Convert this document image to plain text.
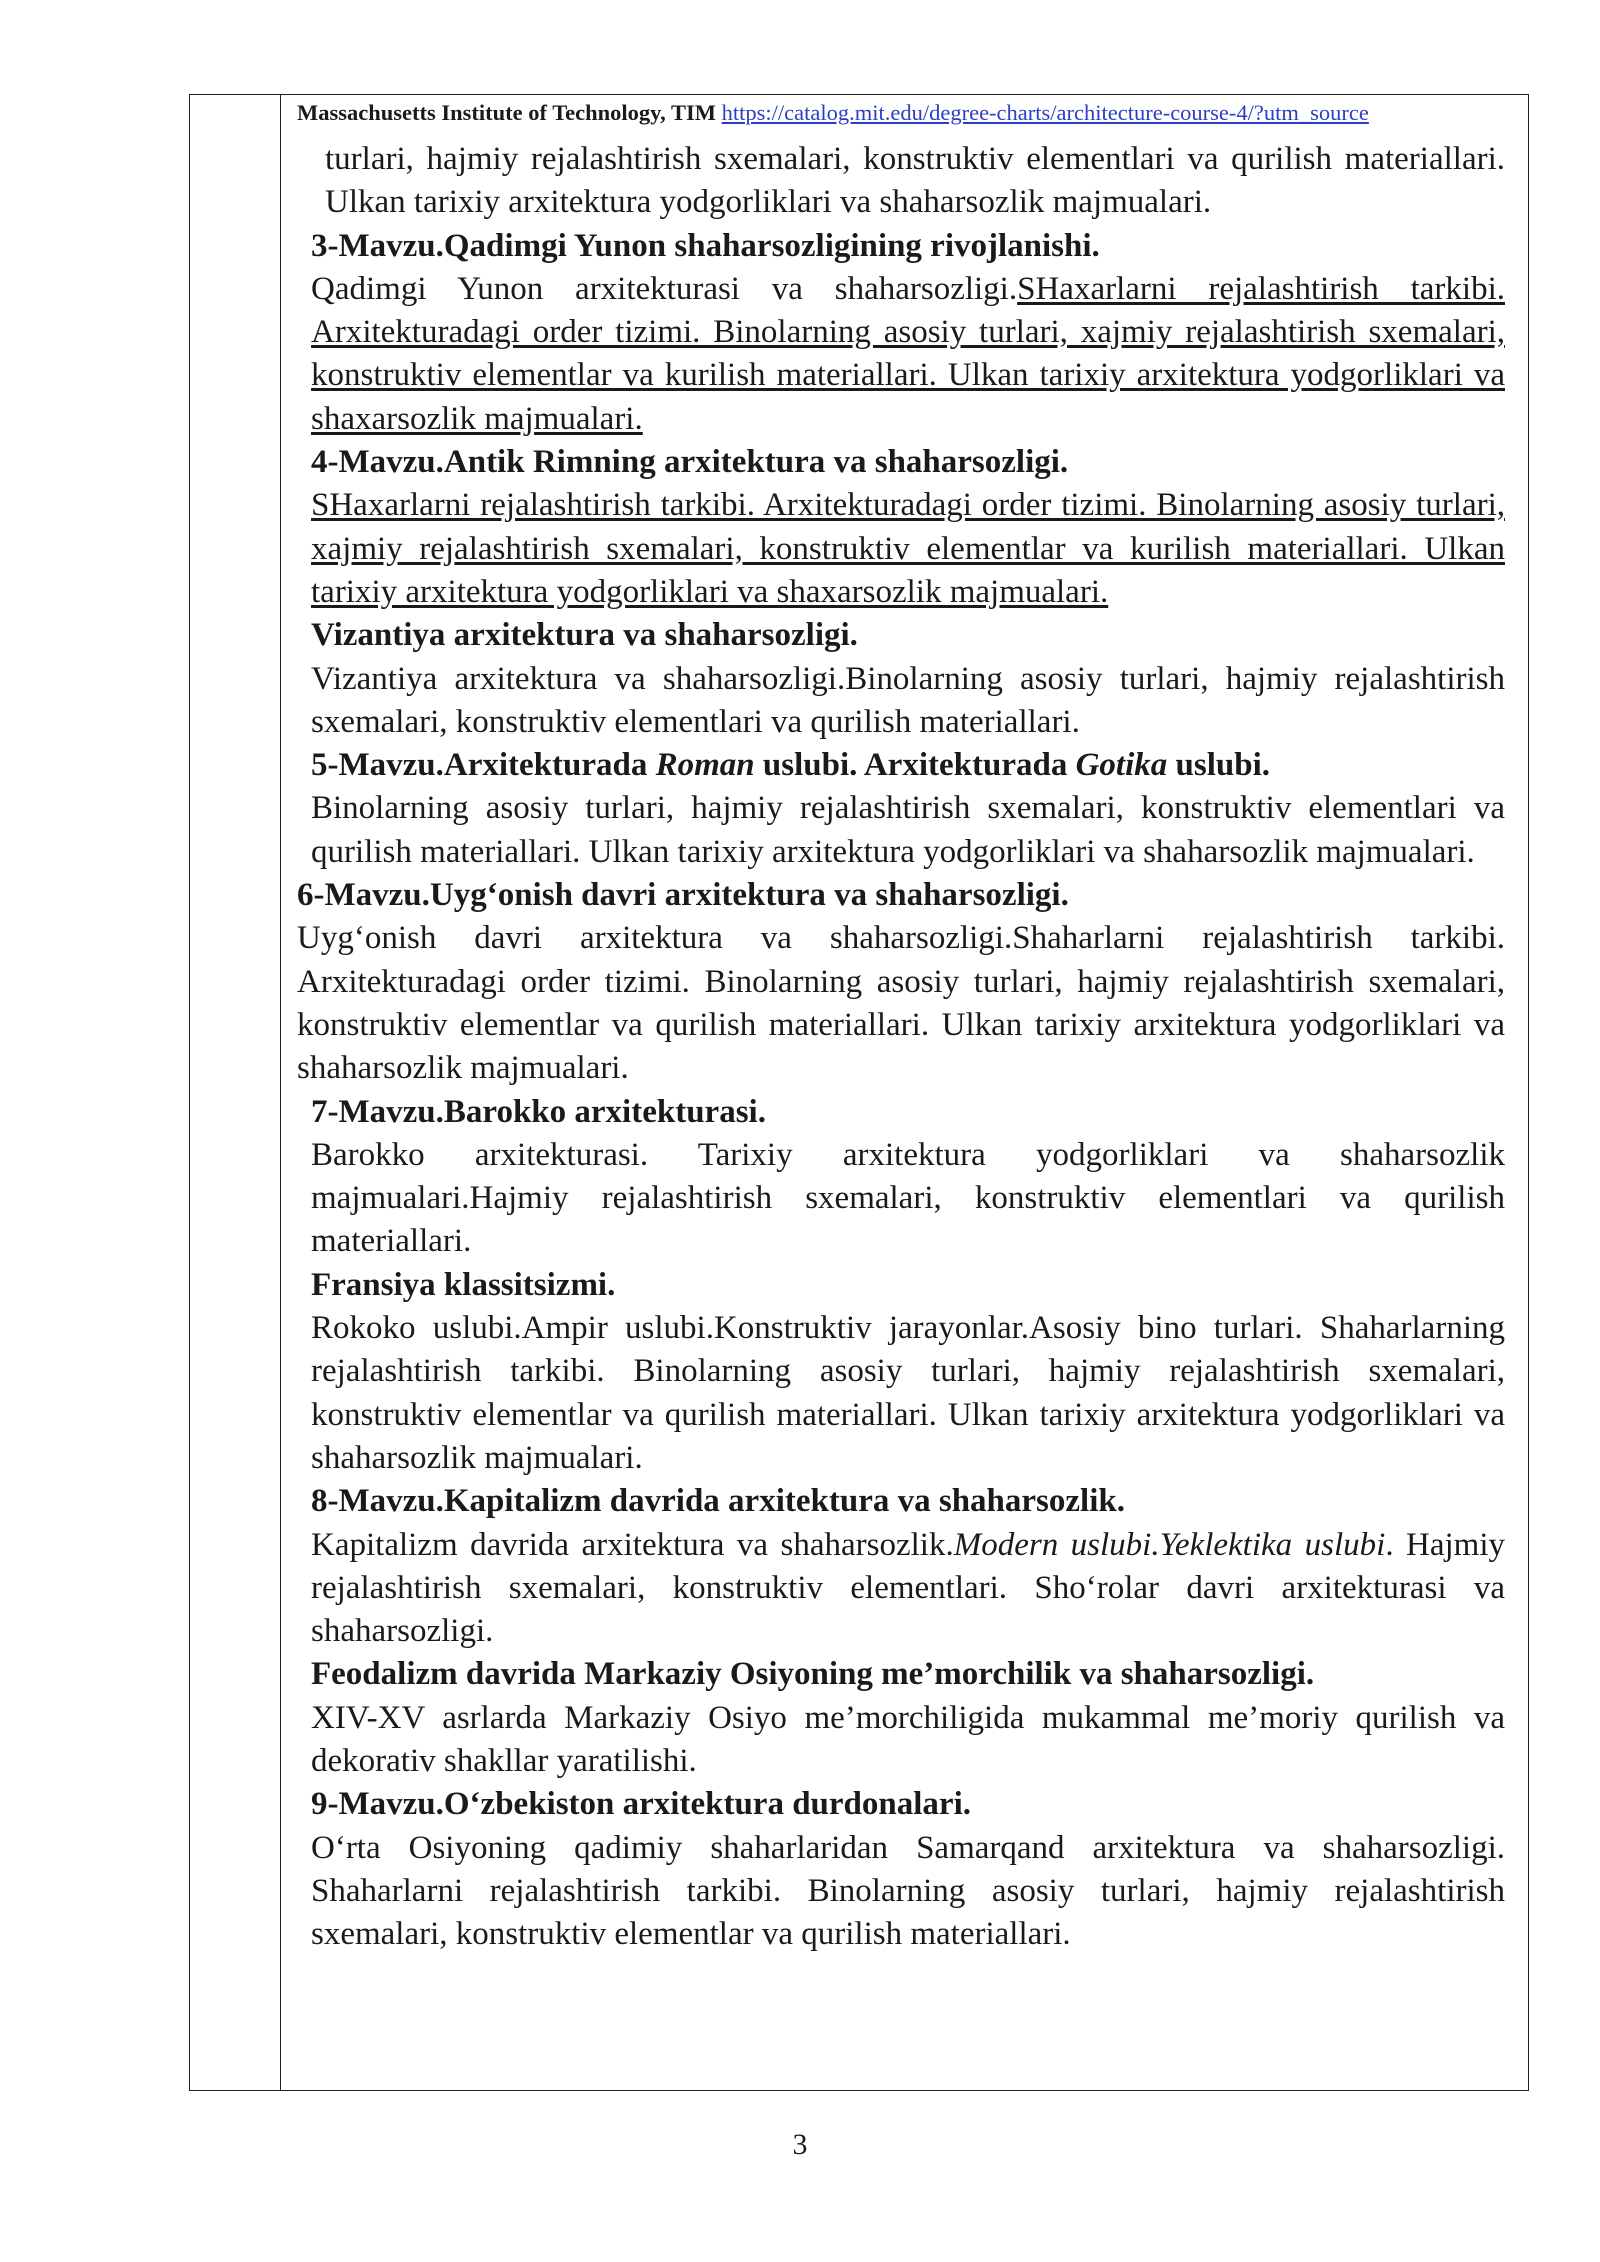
Massachusetts Institute of Technology, TIM https://catalog.mit.edu/degree-charts/architecture-course-4/?utm_source

turlari, hajmiy rejalashtirish sxemalari, konstruktiv elementlari va qurilish materiallari. Ulkan tarixiy arxitektura yodgorliklari va shaharsozlik majmualari.

3-Mavzu.Qadimgi Yunon shaharsozligining rivojlanishi.

Qadimgi Yunon arxitekturasi va shaharsozligi.SHaxarlarni rejalashtirish tarkibi. Arxitekturadagi order tizimi. Binolarning asosiy turlari, xajmiy rejalashtirish sxemalari, konstruktiv elementlar va kurilish materiallari. Ulkan tarixiy arxitektura yodgorliklari va shaxarsozlik majmualari.

4-Mavzu.Antik Rimning arxitektura va shaharsozligi.

SHaxarlarni rejalashtirish tarkibi. Arxitekturadagi order tizimi. Binolarning asosiy turlari, xajmiy rejalashtirish sxemalari, konstruktiv elementlar va kurilish materiallari. Ulkan tarixiy arxitektura yodgorliklari va shaxarsozlik majmualari.

Vizantiya arxitektura va shaharsozligi.

Vizantiya arxitektura va shaharsozligi.Binolarning asosiy turlari, hajmiy rejalashtirish sxemalari, konstruktiv elementlari va qurilish materiallari.

5-Mavzu.Arxitekturada Roman uslubi. Arxitekturada Gotika uslubi.

Binolarning asosiy turlari, hajmiy rejalashtirish sxemalari, konstruktiv elementlari va qurilish materiallari. Ulkan tarixiy arxitektura yodgorliklari va shaharsozlik majmualari.

6-Mavzu.Uyg‘onish davri arxitektura va shaharsozligi.

Uyg‘onish davri arxitektura va shaharsozligi.Shaharlarni rejalashtirish tarkibi. Arxitekturadagi order tizimi. Binolarning asosiy turlari, hajmiy rejalashtirish sxemalari, konstruktiv elementlar va qurilish materiallari. Ulkan tarixiy arxitektura yodgorliklari va shaharsozlik majmualari.

7-Mavzu.Barokko arxitekturasi.

Barokko arxitekturasi. Tarixiy arxitektura yodgorliklari va shaharsozlik majmualari.Hajmiy rejalashtirish sxemalari, konstruktiv elementlari va qurilish materiallari.

Fransiya klassitsizmi.

Rokoko uslubi.Ampir uslubi.Konstruktiv jarayonlar.Asosiy bino turlari. Shaharlarning rejalashtirish tarkibi. Binolarning asosiy turlari, hajmiy rejalashtirish sxemalari, konstruktiv elementlar va qurilish materiallari. Ulkan tarixiy arxitektura yodgorliklari va shaharsozlik majmualari.

8-Mavzu.Kapitalizm davrida arxitektura va shaharsozlik.

Kapitalizm davrida arxitektura va shaharsozlik.Modern uslubi.Yeklektika uslubi. Hajmiy rejalashtirish sxemalari, konstruktiv elementlari. Sho‘rolar davri arxitekturasi va shaharsozligi.

Feodalizm davrida Markaziy Osiyoning me’morchilik va shaharsozligi.

XIV-XV asrlarda Markaziy Osiyo me’morchiligida mukammal me’moriy qurilish va dekorativ shakllar yaratilishi.

9-Mavzu.O‘zbekiston arxitektura durdonalari.

O‘rta Osiyoning qadimiy shaharlaridan Samarqand arxitektura va shaharsozligi. Shaharlarni rejalashtirish tarkibi. Binolarning asosiy turlari, hajmiy rejalashtirish sxemalari, konstruktiv elementlar va qurilish materiallari.

3
